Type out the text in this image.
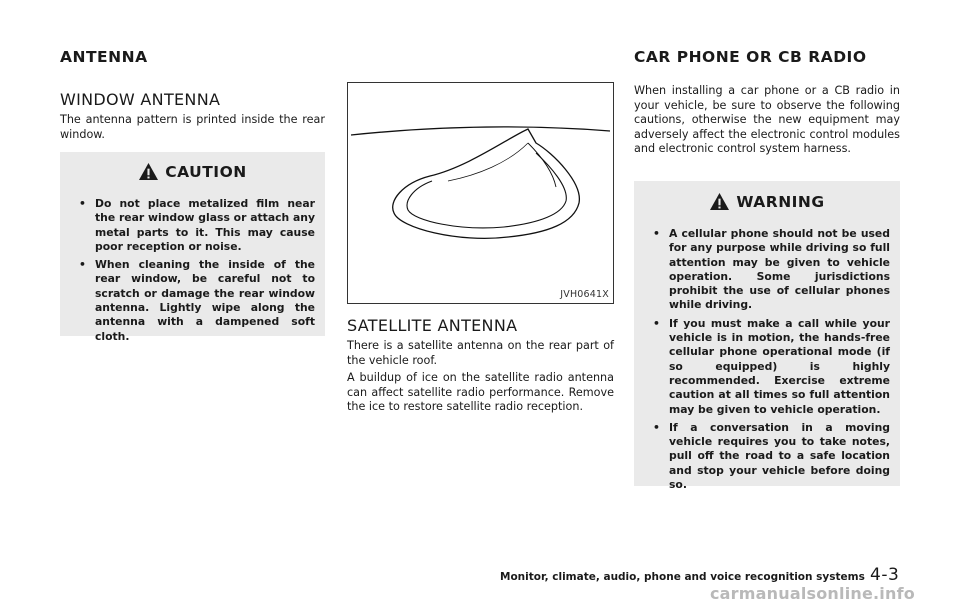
ANTENNA
WINDOW ANTENNA
The antenna pattern is printed inside the rear window.
CAUTION
• Do not place metalized film near the rear window glass or attach any metal parts to it. This may cause poor reception or noise.
• When cleaning the inside of the rear window, be careful not to scratch or damage the rear window antenna. Lightly wipe along the antenna with a dampened soft cloth.
JVH0641X
SATELLITE ANTENNA
There is a satellite antenna on the rear part of the vehicle roof.
A buildup of ice on the satellite radio antenna can affect satellite radio performance. Remove the ice to restore satellite radio reception.
CAR PHONE OR CB RADIO
When installing a car phone or a CB radio in your vehicle, be sure to observe the following cautions, otherwise the new equipment may adversely affect the electronic control modules and electronic control system harness.
WARNING
• A cellular phone should not be used for any purpose while driving so full attention may be given to vehicle operation. Some jurisdictions prohibit the use of cellular phones while driving.
• If you must make a call while your vehicle is in motion, the hands-free cellular phone operational mode (if so equipped) is highly recommended. Exercise extreme caution at all times so full attention may be given to vehicle operation.
• If a conversation in a moving vehicle requires you to take notes, pull off the road to a safe location and stop your vehicle before doing so.
Monitor, climate, audio, phone and voice recognition systems 4-3
carmanualsonline.info
